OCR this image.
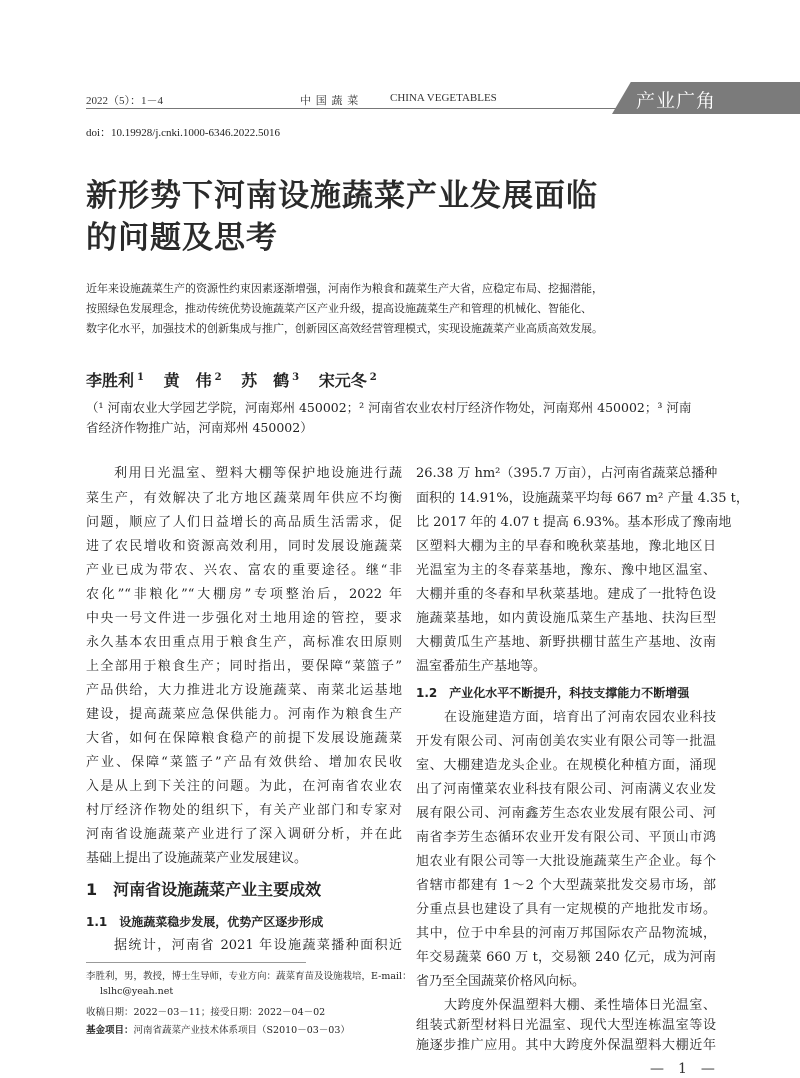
2022（5）：1－4	中 国 蔬 菜	CHINA VEGETABLES	产业广角
doi：10.19928/j.cnki.1000-6346.2022.5016
新形势下河南设施蔬菜产业发展面临
的问题及思考
近年来设施蔬菜生产的资源性约束因素逐渐增强，河南作为粮食和蔬菜生产大省，应稳定布局、挖掘潜能，
按照绿色发展理念，推动传统优势设施蔬菜产区产业升级，提高设施蔬菜生产和管理的机械化、智能化、
数字化水平，加强技术的创新集成与推广，创新园区高效经营管理模式，实现设施蔬菜产业高质高效发展。
李胜利 $^1$ 黄　伟 $^2$ 苏　鹤 $^3$ 宋元冬 $^2$
（¹ 河南农业大学园艺学院，河南郑州 450002；² 河南省农业农村厅经济作物处，河南郑州 450002；³ 河南
省经济作物推广站，河南郑州 450002）
利用日光温室、塑料大棚等保护地设施进行蔬
菜生产，有效解决了北方地区蔬菜周年供应不均衡
问题，顺应了人们日益增长的高品质生活需求，促
进了农民增收和资源高效利用，同时发展设施蔬菜
产业已成为带农、兴农、富农的重要途径。继“非
农化”“非粮化”“大棚房”专项整治后，2022 年
中央一号文件进一步强化对土地用途的管控，要求
永久基本农田重点用于粮食生产，高标准农田原则
上全部用于粮食生产；同时指出，要保障“菜篮子”
产品供给，大力推进北方设施蔬菜、南菜北运基地
建设，提高蔬菜应急保供能力。河南作为粮食生产
大省，如何在保障粮食稳产的前提下发展设施蔬菜
产业、保障“菜篮子”产品有效供给、增加农民收
入是从上到下关注的问题。为此，在河南省农业农
村厅经济作物处的组织下，有关产业部门和专家对
河南省设施蔬菜产业进行了深入调研分析，并在此
基础上提出了设施蔬菜产业发展建议。
1　河南省设施蔬菜产业主要成效
1.1　设施蔬菜稳步发展，优势产区逐步形成
据统计，河南省 2021 年设施蔬菜播种面积近
李胜利，男，教授，博士生导师，专业方向：蔬菜育苗及设施栽培，E-mail：
lslhc@yeah.net
收稿日期：2022－03－11；接受日期：2022－04－02
基金项目：河南省蔬菜产业技术体系项目（S2010－03－03）
26.38 万 hm²（395.7 万亩），占河南省蔬菜总播种
面积的 14.91%，设施蔬菜平均每 667 m² 产量 4.35 t，
比 2017 年的 4.07 t 提高 6.93%。基本形成了豫南地
区塑料大棚为主的早春和晚秋菜基地，豫北地区日
光温室为主的冬春菜基地，豫东、豫中地区温室、
大棚并重的冬春和早秋菜基地。建成了一批特色设
施蔬菜基地，如内黄设施瓜菜生产基地、扶沟巨型
大棚黄瓜生产基地、新野拱棚甘蓝生产基地、汝南
温室番茄生产基地等。
1.2　产业化水平不断提升，科技支撑能力不断增强
在设施建造方面，培育出了河南农园农业科技
开发有限公司、河南创美农实业有限公司等一批温
室、大棚建造龙头企业。在规模化种植方面，涌现
出了河南懂菜农业科技有限公司、河南满义农业发
展有限公司、河南鑫芳生态农业发展有限公司、河
南省李芳生态循环农业开发有限公司、平顶山市鸿
旭农业有限公司等一大批设施蔬菜生产企业。每个
省辖市都建有 1～2 个大型蔬菜批发交易市场，部
分重点县也建设了具有一定规模的产地批发市场。
其中，位于中牟县的河南万邦国际农产品物流城，
年交易蔬菜 660 万 t，交易额 240 亿元，成为河南
省乃至全国蔬菜价格风向标。
大跨度外保温塑料大棚、柔性墙体日光温室、
组装式新型材料日光温室、现代大型连栋温室等设
施逐步推广应用。其中大跨度外保温塑料大棚近年
—　1　—
